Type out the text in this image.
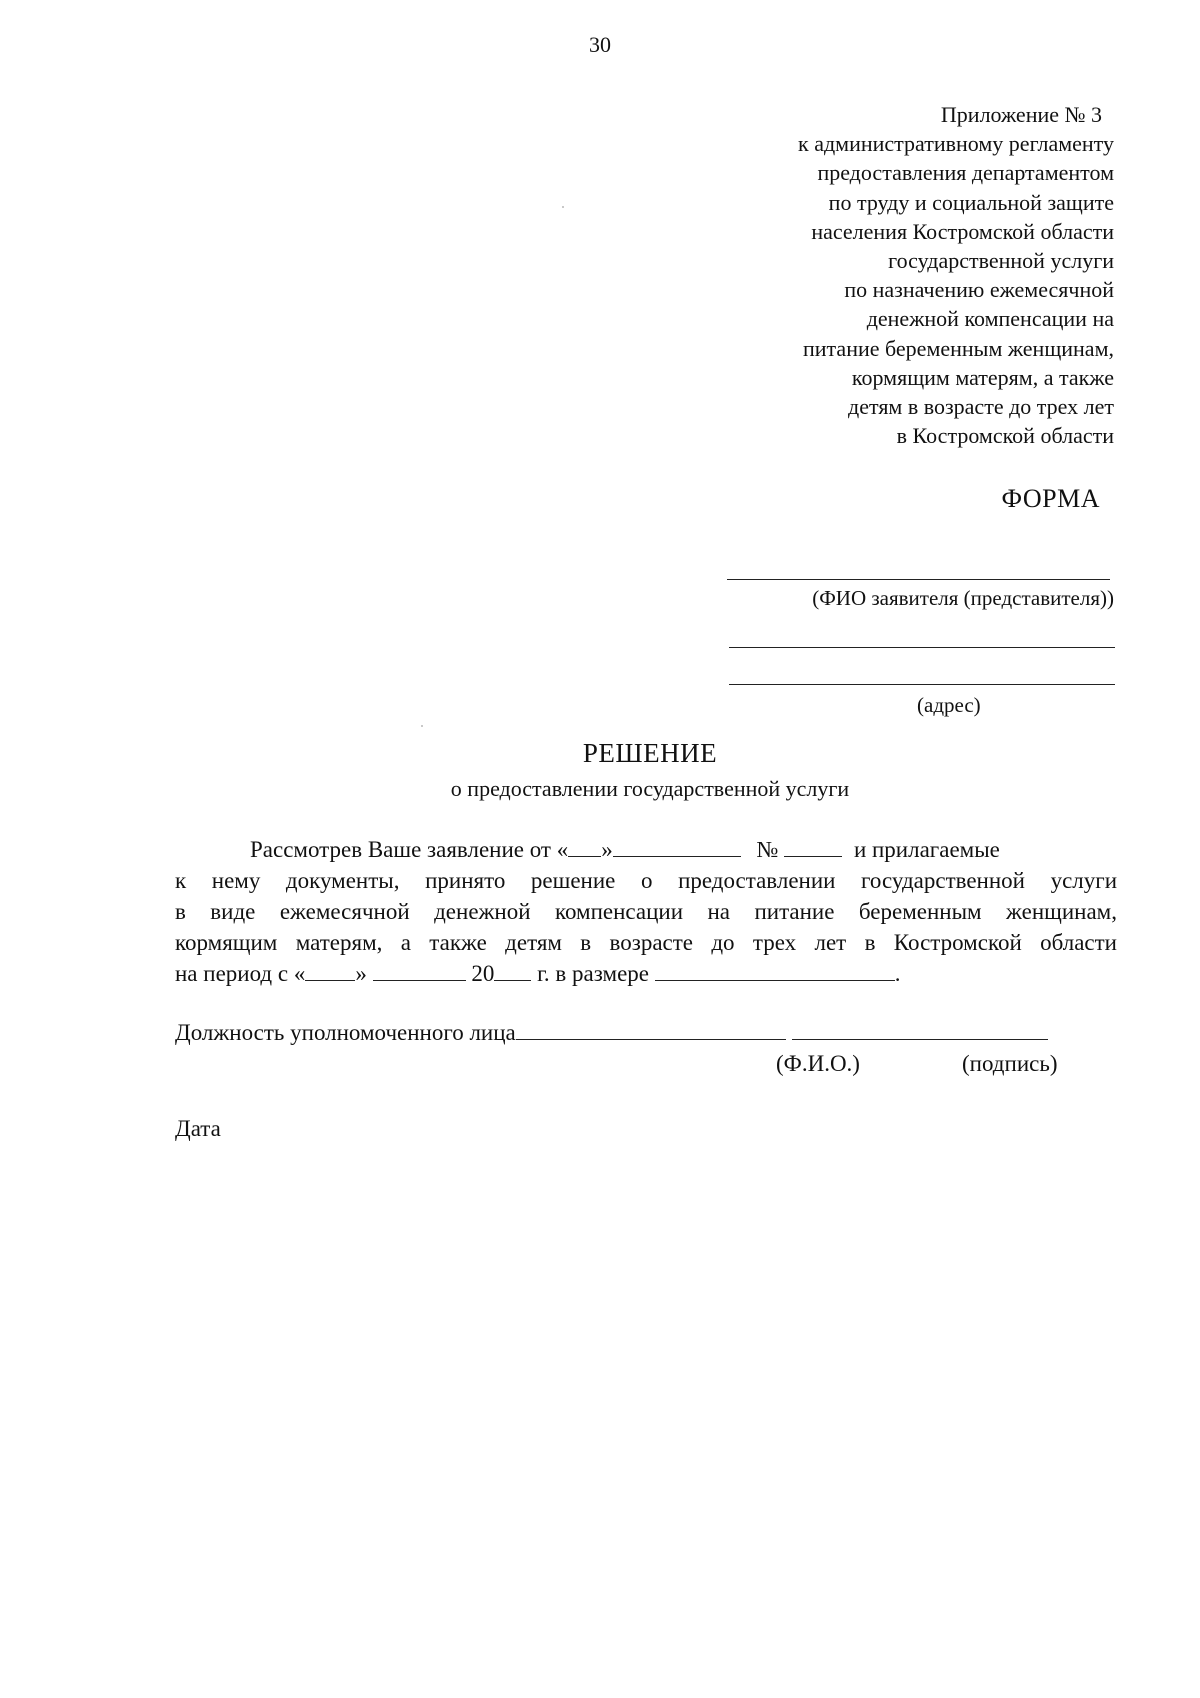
30
Приложение № 3
к административному регламенту
предоставления департаментом
по труду и социальной защите
населения Костромской области
государственной услуги
по назначению ежемесячной
денежной компенсации на
питание беременным женщинам,
кормящим матерям, а также
детям в возрасте до трех лет
в Костромской области
ФОРМА
(ФИО заявителя (представителя))
(адрес)
РЕШЕНИЕ
о предоставлении государственной услуги
Рассмотрев Ваше заявление от « »	№	и прилагаемые
к нему документы, принято решение о предоставлении государственной услуги
в виде ежемесячной денежной компенсации на питание беременным женщинам,
кормящим матерям, а также детям в возрасте до трех лет в Костромской области
на период с « »	20 г. в размере	.
Должность уполномоченного лица
(Ф.И.О.)	(подпись)
Дата
